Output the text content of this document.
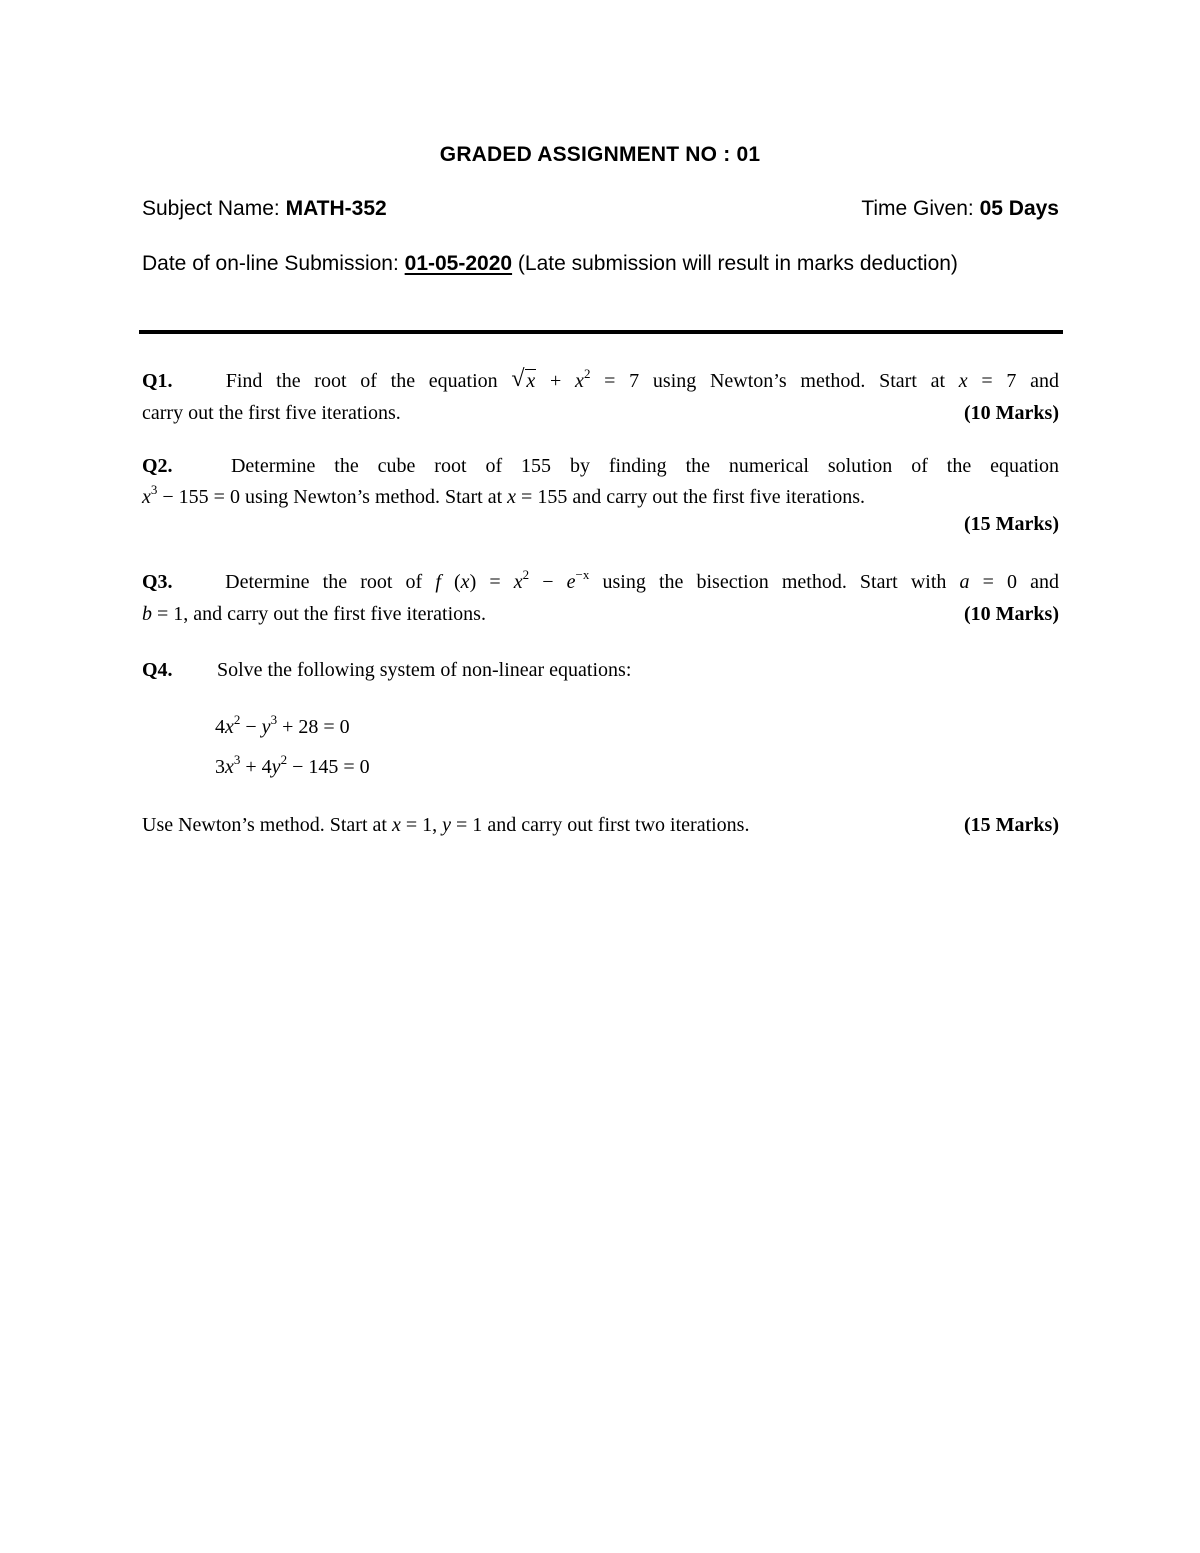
GRADED ASSIGNMENT NO : 01
Subject Name: MATH-352	Time Given: 05 Days
Date of on-line Submission: 01-05-2020 (Late submission will result in marks deduction)
Q1.	Find the root of the equation √ $x + x^2 = 7$ using Newton’s method. Start at x = 7 and
carry out the first five iterations.	(10 Marks)
Q2.	Determine the cube root of 155 by finding the numerical solution of the equation
$x^3 - 155 = 0$ using Newton’s method. Start at x = 155 and carry out the first five iterations.
(15 Marks)
Q3.	Determine the root of f $(x) = x^2 - e^{-x}$ using the bisection method. Start with a = 0 and
b = 1, and carry out the first five iterations.	(10 Marks)
Q4. Solve the following system of non-linear equations:
$4x^2 - y^3 + 28 = 0$
$3x^3 + 4y^2 - 145 = 0$
Use Newton’s method. Start at x = 1, y = 1 and carry out first two iterations.	(15 Marks)
